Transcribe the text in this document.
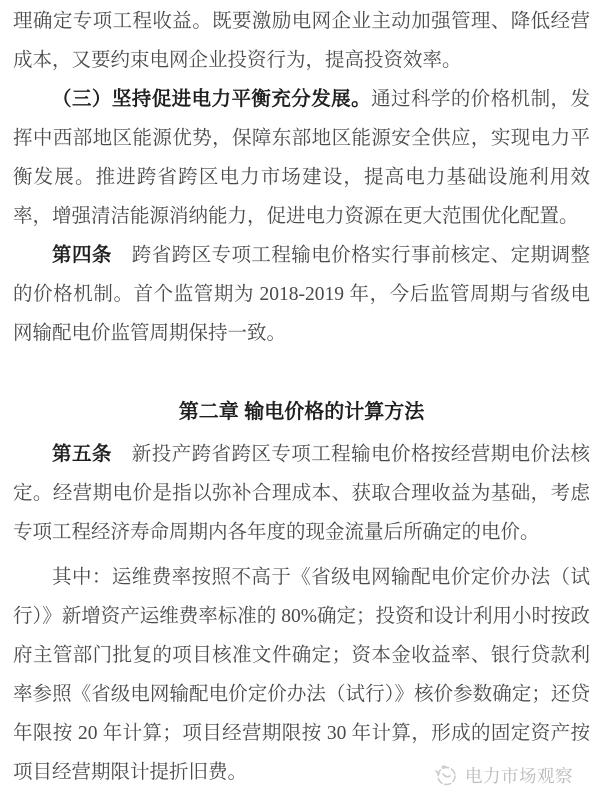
理确定专项工程收益。既要激励电网企业主动加强管理、降低经营成本，又要约束电网企业投资行为，提高投资效率。

（三）坚持促进电力平衡充分发展。通过科学的价格机制，发挥中西部地区能源优势，保障东部地区能源安全供应，实现电力平衡发展。推进跨省跨区电力市场建设，提高电力基础设施利用效率，增强清洁能源消纳能力，促进电力资源在更大范围优化配置。

第四条　跨省跨区专项工程输电价格实行事前核定、定期调整的价格机制。首个监管期为 2018-2019 年，今后监管周期与省级电网输配电价监管周期保持一致。

第二章 输电价格的计算方法

第五条　新投产跨省跨区专项工程输电价格按经营期电价法核定。经营期电价是指以弥补合理成本、获取合理收益为基础，考虑专项工程经济寿命周期内各年度的现金流量后所确定的电价。

其中：运维费率按照不高于《省级电网输配电价定价办法（试行）》新增资产运维费率标准的 80%确定；投资和设计利用小时按政府主管部门批复的项目核准文件确定；资本金收益率、银行贷款利率参照《省级电网输配电价定价办法（试行）》核价参数确定；还贷年限按 20 年计算；项目经营期限按 30 年计算，形成的固定资产按项目经营期限计提折旧费。	电力市场观察
